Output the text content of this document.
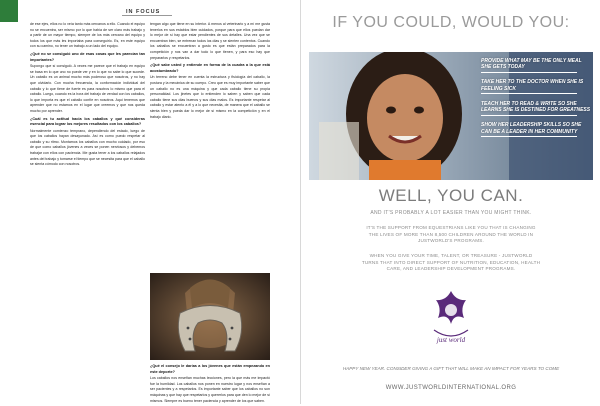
IN FOCUS

de ese ejes, ellos no lo veía tanto más cercanos a ello. Cuando el equipo no se encuentra, ser mismo por lo que había de ser claro más trabajo y a partir de un mayor tiempo, siempre de los más cercano del equipo y todos los que más les importaba para conseguirlo. Es, en este equipo con su camino, no tener un trabajo a un lado del equipo.

¿Qué no se consiguió uno de esas cosas que les parecían tan importantes?

Supongo que sí consiguió. A veces me parece que el trabajo en equipo se basa en lo que uno no puede ver y en lo que no sabe lo que sucede. Un caballo es un animal mucho más poderoso que nosotros, y no hay que olvidarlo. Con mucha frecuencia, la conformación individual del caballo y lo que tiene de fuerte es para nosotros lo mismo que para el caballo. Luego, cuando es la hora del trabajo de verdad con los caballos, lo que importa es que el caballo confíe en nosotros. Aquí tenemos que aprender que no estamos en el lugar que creemos y que nos queda mucho por aprender.

¿Cuál es tu actitud hacia los caballos y qué consideras esencial para lograr los mejores resultados con los caballos?

Normalmente comienzo temprano, dependiendo del estado, luego de que los caballos hayan desayunado. Así es como puedo respetar al caballo y su ritmo. Montamos los caballos con mucho cuidado, por eso de que como caballos jóvenes a veces se ponen nerviosos y debemos trabajar con ellos con paciencia. Me gusta tener a los caballos relajados antes del trabajo y tomarse el tiempo que se necesita para que el caballo se sienta cómodo con nosotros.

tengan algo que tiene en su interior. A menos al veterinario y a mí me gusta tenerlos en sus establos bien cuidados, porque para que ellos puedan dar lo mejor de sí hay que estar pendientes de sus detalles. Una vez que se encuentran bien, se entrenan todos los días y se sienten contentos. Cuando los caballos se encuentran a gusto es que están preparados para la competición y nos van a dar todo lo que tienen, y para eso hay que prepararlos y respetarlos.

¿Qué sabe usted y entiende en forma de la cuadra a la que está acostumbrado?

Un terreno debe tener en cuenta la estructura y fisiología del caballo, la postura y la mecánica de su cuerpo. Creo que es muy importante saber que un caballo no es una máquina y que cada caballo tiene su propia personalidad. Los jinetes que lo entienden lo saben y saben que cada caballo tiene sus días buenos y sus días malos. Es importante respetar al caballo y estar atento a él y a lo que necesita, de manera que el caballo se sienta bien y pueda dar lo mejor de sí mismo en la competición y en el trabajo diario.

¿Qué el consejo le darías a los jóvenes que están empezando en este deporte?

Los caballos nos enseñan muchas lecciones, pero la que más me impactó fue la humildad. Los caballos nos ponen en nuestro lugar y nos enseñan a ser pacientes y a respetarlos. Es importante saber que los caballos no son máquinas y que hay que respetarlos y quererlos para que den lo mejor de sí mismos. Siempre es bueno tener paciencia y aprender de los que saben.

IF YOU COULD, WOULD YOU:
PROVIDE WHAT MAY BE THE ONLY MEAL SHE GETS TODAY
TAKE HER TO THE DOCTOR WHEN SHE IS FEELING SICK
TEACH HER TO READ & WRITE SO SHE LEARNS SHE IS DESTINED FOR GREATNESS
SHOW HER LEADERSHIP SKILLS SO SHE CAN BE A LEADER IN HER COMMUNITY
WELL, YOU CAN.
AND IT'S PROBABLY A LOT EASIER THAN YOU MIGHT THINK.
IT'S THE SUPPORT FROM EQUESTRIANS LIKE YOU THAT IS CHANGING THE LIVES OF MORE THAN 8,500 CHILDREN AROUND THE WORLD IN JUSTWORLD'S PROGRAMS.
WHEN YOU GIVE YOUR TIME, TALENT, OR TREASURE - JUSTWORLD TURNS THAT INTO DIRECT SUPPORT OF NUTRITION, EDUCATION, HEALTH CARE, AND LEADERSHIP DEVELOPMENT PROGRAMS.
just world
HAPPY NEW YEAR. CONSIDER GIVING A GIFT THAT WILL MAKE AN IMPACT FOR YEARS TO COME
WWW.JUSTWORLDINTERNATIONAL.ORG
